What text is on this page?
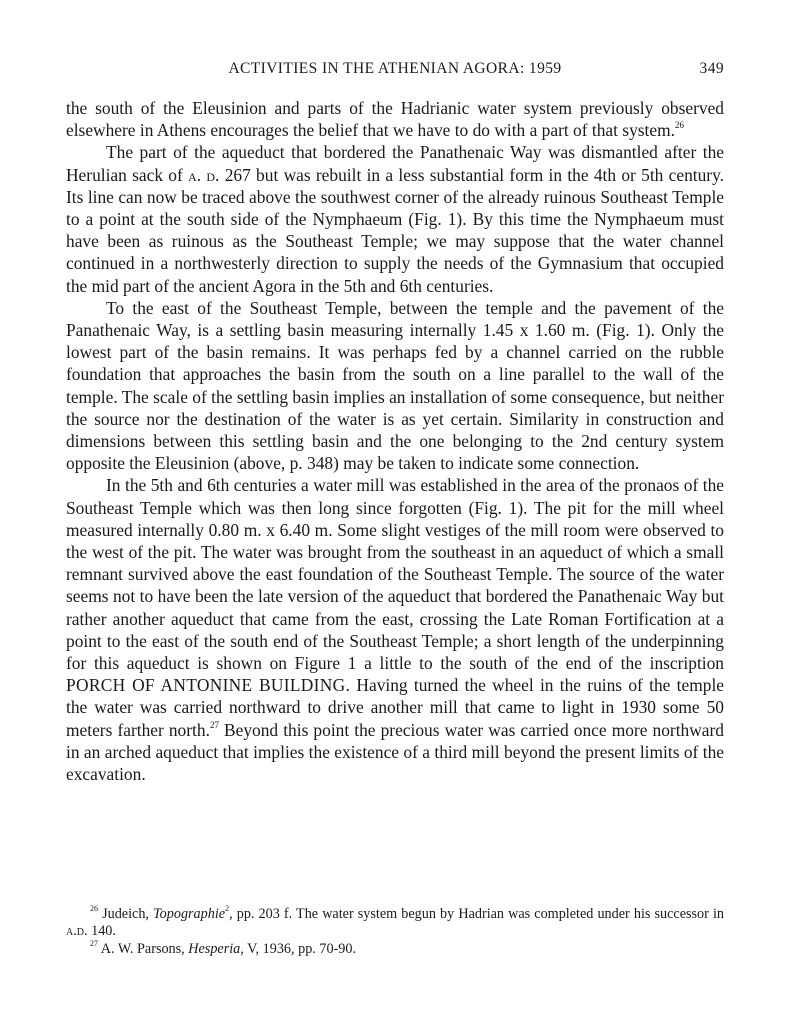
ACTIVITIES IN THE ATHENIAN AGORA: 1959	349

the south of the Eleusinion and parts of the Hadrianic water system previously observed elsewhere in Athens encourages the belief that we have to do with a part of that system.$^{26}$

The part of the aqueduct that bordered the Panathenaic Way was dismantled after the Herulian sack of a. d. 267 but was rebuilt in a less substantial form in the 4th or 5th century. Its line can now be traced above the southwest corner of the already ruinous Southeast Temple to a point at the south side of the Nymphaeum (Fig. 1). By this time the Nymphaeum must have been as ruinous as the Southeast Temple; we may suppose that the water channel continued in a northwesterly direction to supply the needs of the Gymnasium that occupied the mid part of the ancient Agora in the 5th and 6th centuries.

To the east of the Southeast Temple, between the temple and the pavement of the Panathenaic Way, is a settling basin measuring internally 1.45 x 1.60 m. (Fig. 1). Only the lowest part of the basin remains. It was perhaps fed by a channel carried on the rubble foundation that approaches the basin from the south on a line parallel to the wall of the temple. The scale of the settling basin implies an installation of some consequence, but neither the source nor the destination of the water is as yet certain. Similarity in construction and dimensions between this settling basin and the one belonging to the 2nd century system opposite the Eleusinion (above, p. 348) may be taken to indicate some connection.

In the 5th and 6th centuries a water mill was established in the area of the pronaos of the Southeast Temple which was then long since forgotten (Fig. 1). The pit for the mill wheel measured internally 0.80 m. x 6.40 m. Some slight vestiges of the mill room were observed to the west of the pit. The water was brought from the southeast in an aqueduct of which a small remnant survived above the east foundation of the Southeast Temple. The source of the water seems not to have been the late version of the aqueduct that bordered the Panathenaic Way but rather another aqueduct that came from the east, crossing the Late Roman Fortification at a point to the east of the south end of the Southeast Temple; a short length of the underpinning for this aqueduct is shown on Figure 1 a little to the south of the end of the inscription PORCH OF ANTONINE BUILDING. Having turned the wheel in the ruins of the temple the water was carried northward to drive another mill that came to light in 1930 some 50 meters farther north.$^{27}$ Beyond this point the precious water was carried once more northward in an arched aqueduct that implies the existence of a third mill beyond the present limits of the excavation.

$^{26}$ Judeich, Topographie$^2$, pp. 203 f. The water system begun by Hadrian was completed under his successor in a.d. 140.

$^{27}$ A. W. Parsons, Hesperia, V, 1936, pp. 70-90.
